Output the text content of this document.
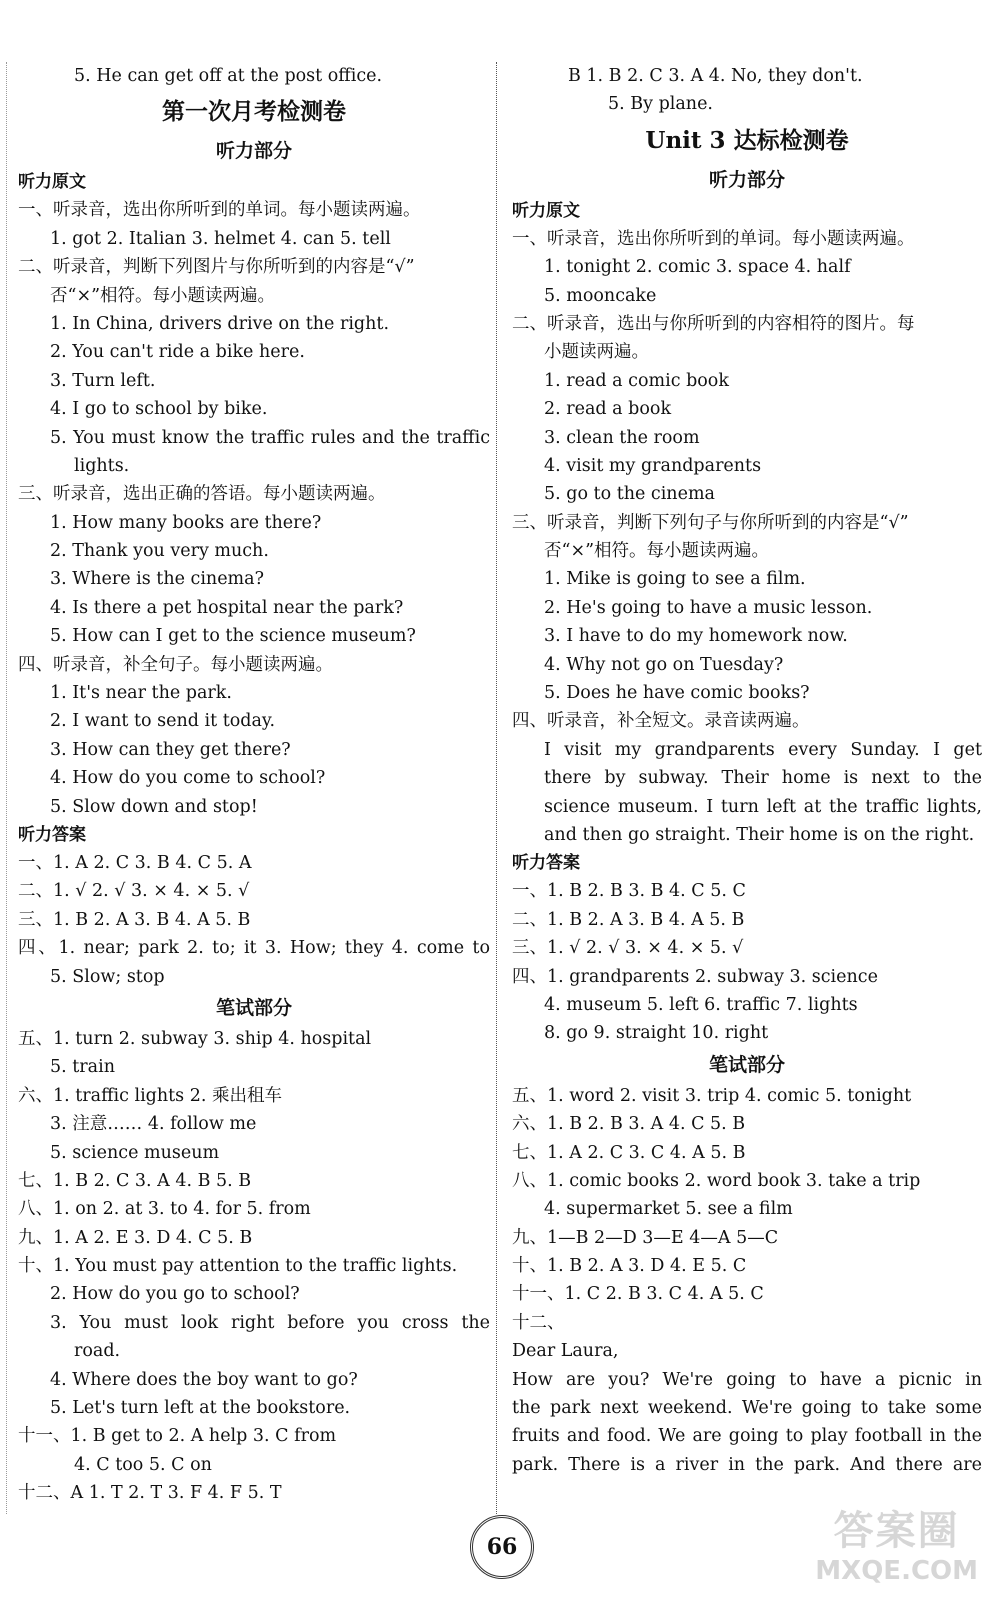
5. He can get off at the post office.
第一次月考检测卷
听力部分
听力原文
一、听录音，选出你所听到的单词。每小题读两遍。
1. got 2. Italian 3. helmet 4. can 5. tell
二、听录音，判断下列图片与你所听到的内容是“√”
否“×”相符。每小题读两遍。
1. In China, drivers drive on the right.
2. You can't ride a bike here.
3. Turn left.
4. I go to school by bike.
5. You must know the traffic rules and the traffic
lights.
三、听录音，选出正确的答语。每小题读两遍。
1. How many books are there?
2. Thank you very much.
3. Where is the cinema?
4. Is there a pet hospital near the park?
5. How can I get to the science museum?
四、听录音，补全句子。每小题读两遍。
1. It's near the park.
2. I want to send it today.
3. How can they get there?
4. How do you come to school?
5. Slow down and stop!
听力答案
一、1. A 2. C 3. B 4. C 5. A
二、1. √ 2. √ 3. × 4. × 5. √
三、1. B 2. A 3. B 4. A 5. B
四、1. near; park 2. to; it 3. How; they 4. come to
5. Slow; stop
笔试部分
五、1. turn 2. subway 3. ship 4. hospital
5. train
六、1. traffic lights 2. 乘出租车
3. 注意…… 4. follow me
5. science museum
七、1. B 2. C 3. A 4. B 5. B
八、1. on 2. at 3. to 4. for 5. from
九、1. A 2. E 3. D 4. C 5. B
十、1. You must pay attention to the traffic lights.
2. How do you go to school?
3. You must look right before you cross the
road.
4. Where does the boy want to go?
5. Let's turn left at the bookstore.
十一、1. B get to 2. A help 3. C from
4. C too 5. C on
十二、A 1. T 2. T 3. F 4. F 5. T
B 1. B 2. C 3. A 4. No, they don't.
5. By plane.
Unit 3 达标检测卷
听力部分
听力原文
一、听录音，选出你所听到的单词。每小题读两遍。
1. tonight 2. comic 3. space 4. half
5. mooncake
二、听录音，选出与你所听到的内容相符的图片。每
小题读两遍。
1. read a comic book
2. read a book
3. clean the room
4. visit my grandparents
5. go to the cinema
三、听录音，判断下列句子与你所听到的内容是“√”
否“×”相符。每小题读两遍。
1. Mike is going to see a film.
2. He's going to have a music lesson.
3. I have to do my homework now.
4. Why not go on Tuesday?
5. Does he have comic books?
四、听录音，补全短文。录音读两遍。
I visit my grandparents every Sunday. I get
there by subway. Their home is next to the
science museum. I turn left at the traffic lights,
and then go straight. Their home is on the right.
听力答案
一、1. B 2. B 3. B 4. C 5. C
二、1. B 2. A 3. B 4. A 5. B
三、1. √ 2. √ 3. × 4. × 5. √
四、1. grandparents 2. subway 3. science
4. museum 5. left 6. traffic 7. lights
8. go 9. straight 10. right
笔试部分
五、1. word 2. visit 3. trip 4. comic 5. tonight
六、1. B 2. B 3. A 4. C 5. B
七、1. A 2. C 3. C 4. A 5. B
八、1. comic books 2. word book 3. take a trip
4. supermarket 5. see a film
九、1—B 2—D 3—E 4—A 5—C
十、1. B 2. A 3. D 4. E 5. C
十一、1. C 2. B 3. C 4. A 5. C
十二、
Dear Laura,
How are you? We're going to have a picnic in
the park next weekend. We're going to take some
fruits and food. We are going to play football in the
park. There is a river in the park. And there are
66	答案圈
MXQE.COM
